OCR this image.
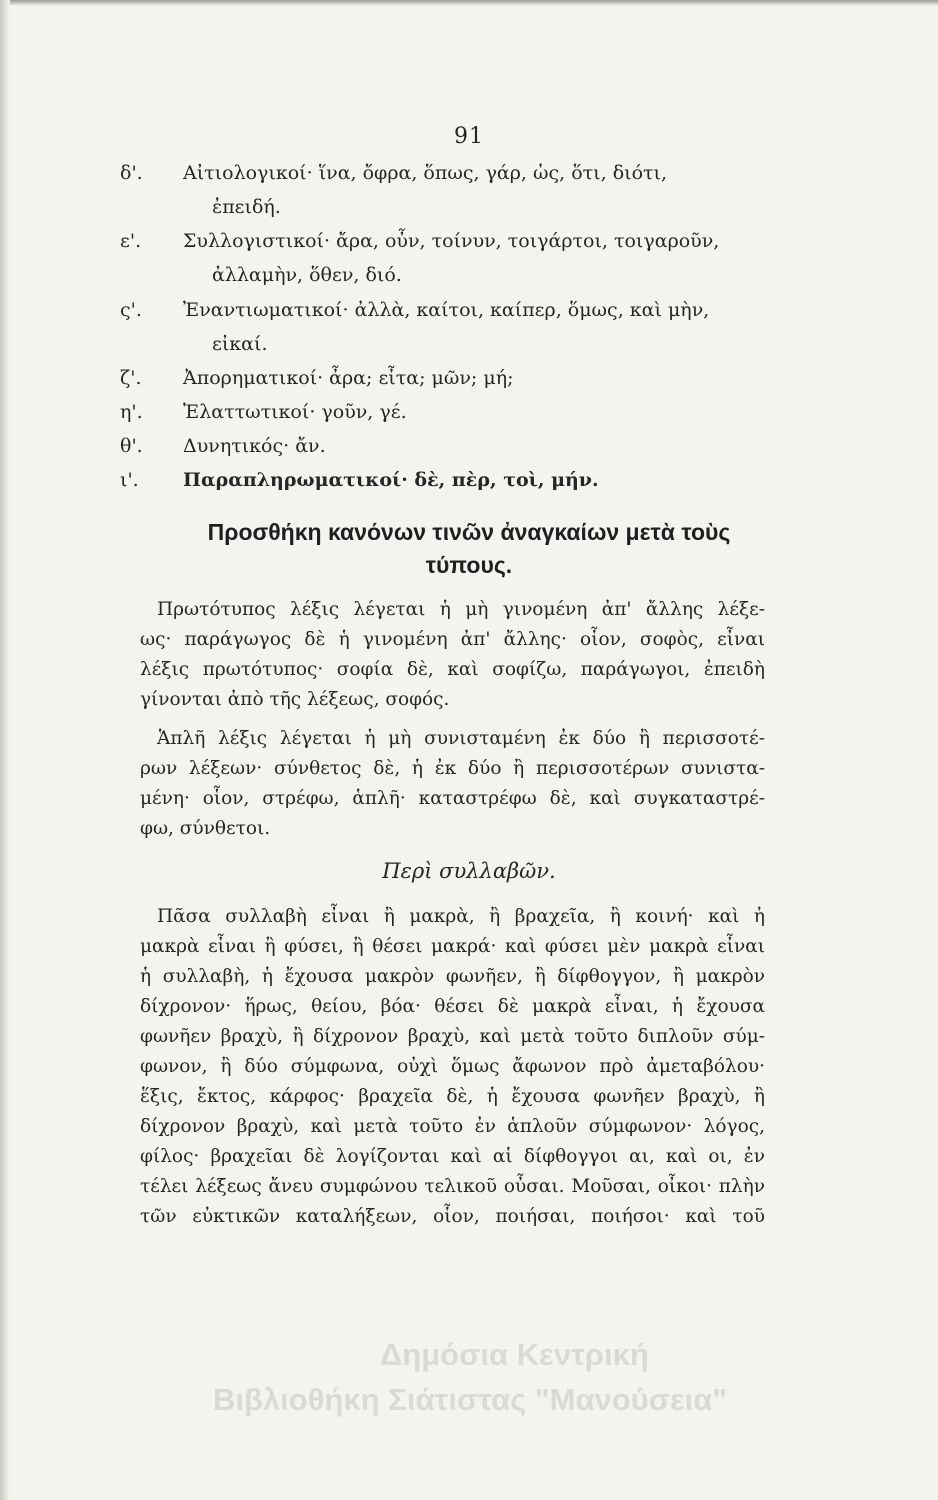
91
δ'. Αἰτιολογικοί· ἵνα, ὄφρα, ὅπως, γάρ, ὡς, ὅτι, διότι,
ἐπειδή.
ε'. Συλλογιστικοί· ἄρα, οὖν, τοίνυν, τοιγάρτοι, τοιγαροῦν,
ἀλλαμὴν, ὅθεν, διό.
ς'. Ἐναντιωματικοί· ἀλλὰ, καίτοι, καίπερ, ὅμως, καὶ μὴν,
εἰκαί.
ζ'. Ἀπορηματικοί· ἆρα; εἶτα; μῶν; μή;
η'. Ἐλαττωτικοί· γοῦν, γέ.
θ'. Δυνητικός· ἄν.
ι'. Παραπληρωματικοί· δὲ, πὲρ, τοὶ, μήν.
Προσθήκη κανόνων τινῶν ἀναγκαίων μετὰ τοὺς
τύπους.
Πρωτότυπος λέξις λέγεται ἡ μὴ γινομένη ἀπ' ἄλλης λέξε-
ως· παράγωγος δὲ ἡ γινομένη ἀπ' ἄλλης· οἷον, σοφὸς, εἶναι
λέξις πρωτότυπος· σοφία δὲ, καὶ σοφίζω, παράγωγοι, ἐπειδὴ
γίνονται ἀπὸ τῆς λέξεως, σοφός.
Ἁπλῆ λέξις λέγεται ἡ μὴ συνισταμένη ἐκ δύο ἢ περισσοτέ-
ρων λέξεων· σύνθετος δὲ, ἡ ἐκ δύο ἢ περισσοτέρων συνιστα-
μένη· οἷον, στρέφω, ἁπλῆ· καταστρέφω δὲ, καὶ συγκαταστρέ-
φω, σύνθετοι.
Περὶ συλλαβῶν.
Πᾶσα συλλαβὴ εἶναι ἢ μακρὰ, ἢ βραχεῖα, ἢ κοινή· καὶ ἡ
μακρὰ εἶναι ἢ φύσει, ἢ θέσει μακρά· καὶ φύσει μὲν μακρὰ εἶναι
ἡ συλλαβὴ, ἡ ἔχουσα μακρὸν φωνῆεν, ἢ δίφθογγον, ἢ μακρὸν
δίχρονον· ἥρως, θείου, βόα· θέσει δὲ μακρὰ εἶναι, ἡ ἔχουσα
φωνῆεν βραχὺ, ἢ δίχρονον βραχὺ, καὶ μετὰ τοῦτο διπλοῦν σύμ-
φωνον, ἢ δύο σύμφωνα, οὐχὶ ὅμως ἄφωνον πρὸ ἀμεταβόλου·
ἕξις, ἔκτος, κάρφος· βραχεῖα δὲ, ἡ ἔχουσα φωνῆεν βραχὺ, ἢ
δίχρονον βραχὺ, καὶ μετὰ τοῦτο ἐν ἁπλοῦν σύμφωνον· λόγος,
φίλος· βραχεῖαι δὲ λογίζονται καὶ αἱ δίφθογγοι αι, καὶ οι, ἐν
τέλει λέξεως ἄνευ συμφώνου τελικοῦ οὖσαι. Μοῦσαι, οἶκοι· πλὴν
τῶν εὐκτικῶν καταλήξεων, οἷον, ποιήσαι, ποιήσοι· καὶ τοῦ
Δημόσια Κεντρική
Βιβλιοθήκη Σιάτιστας "Μανούσεια"
